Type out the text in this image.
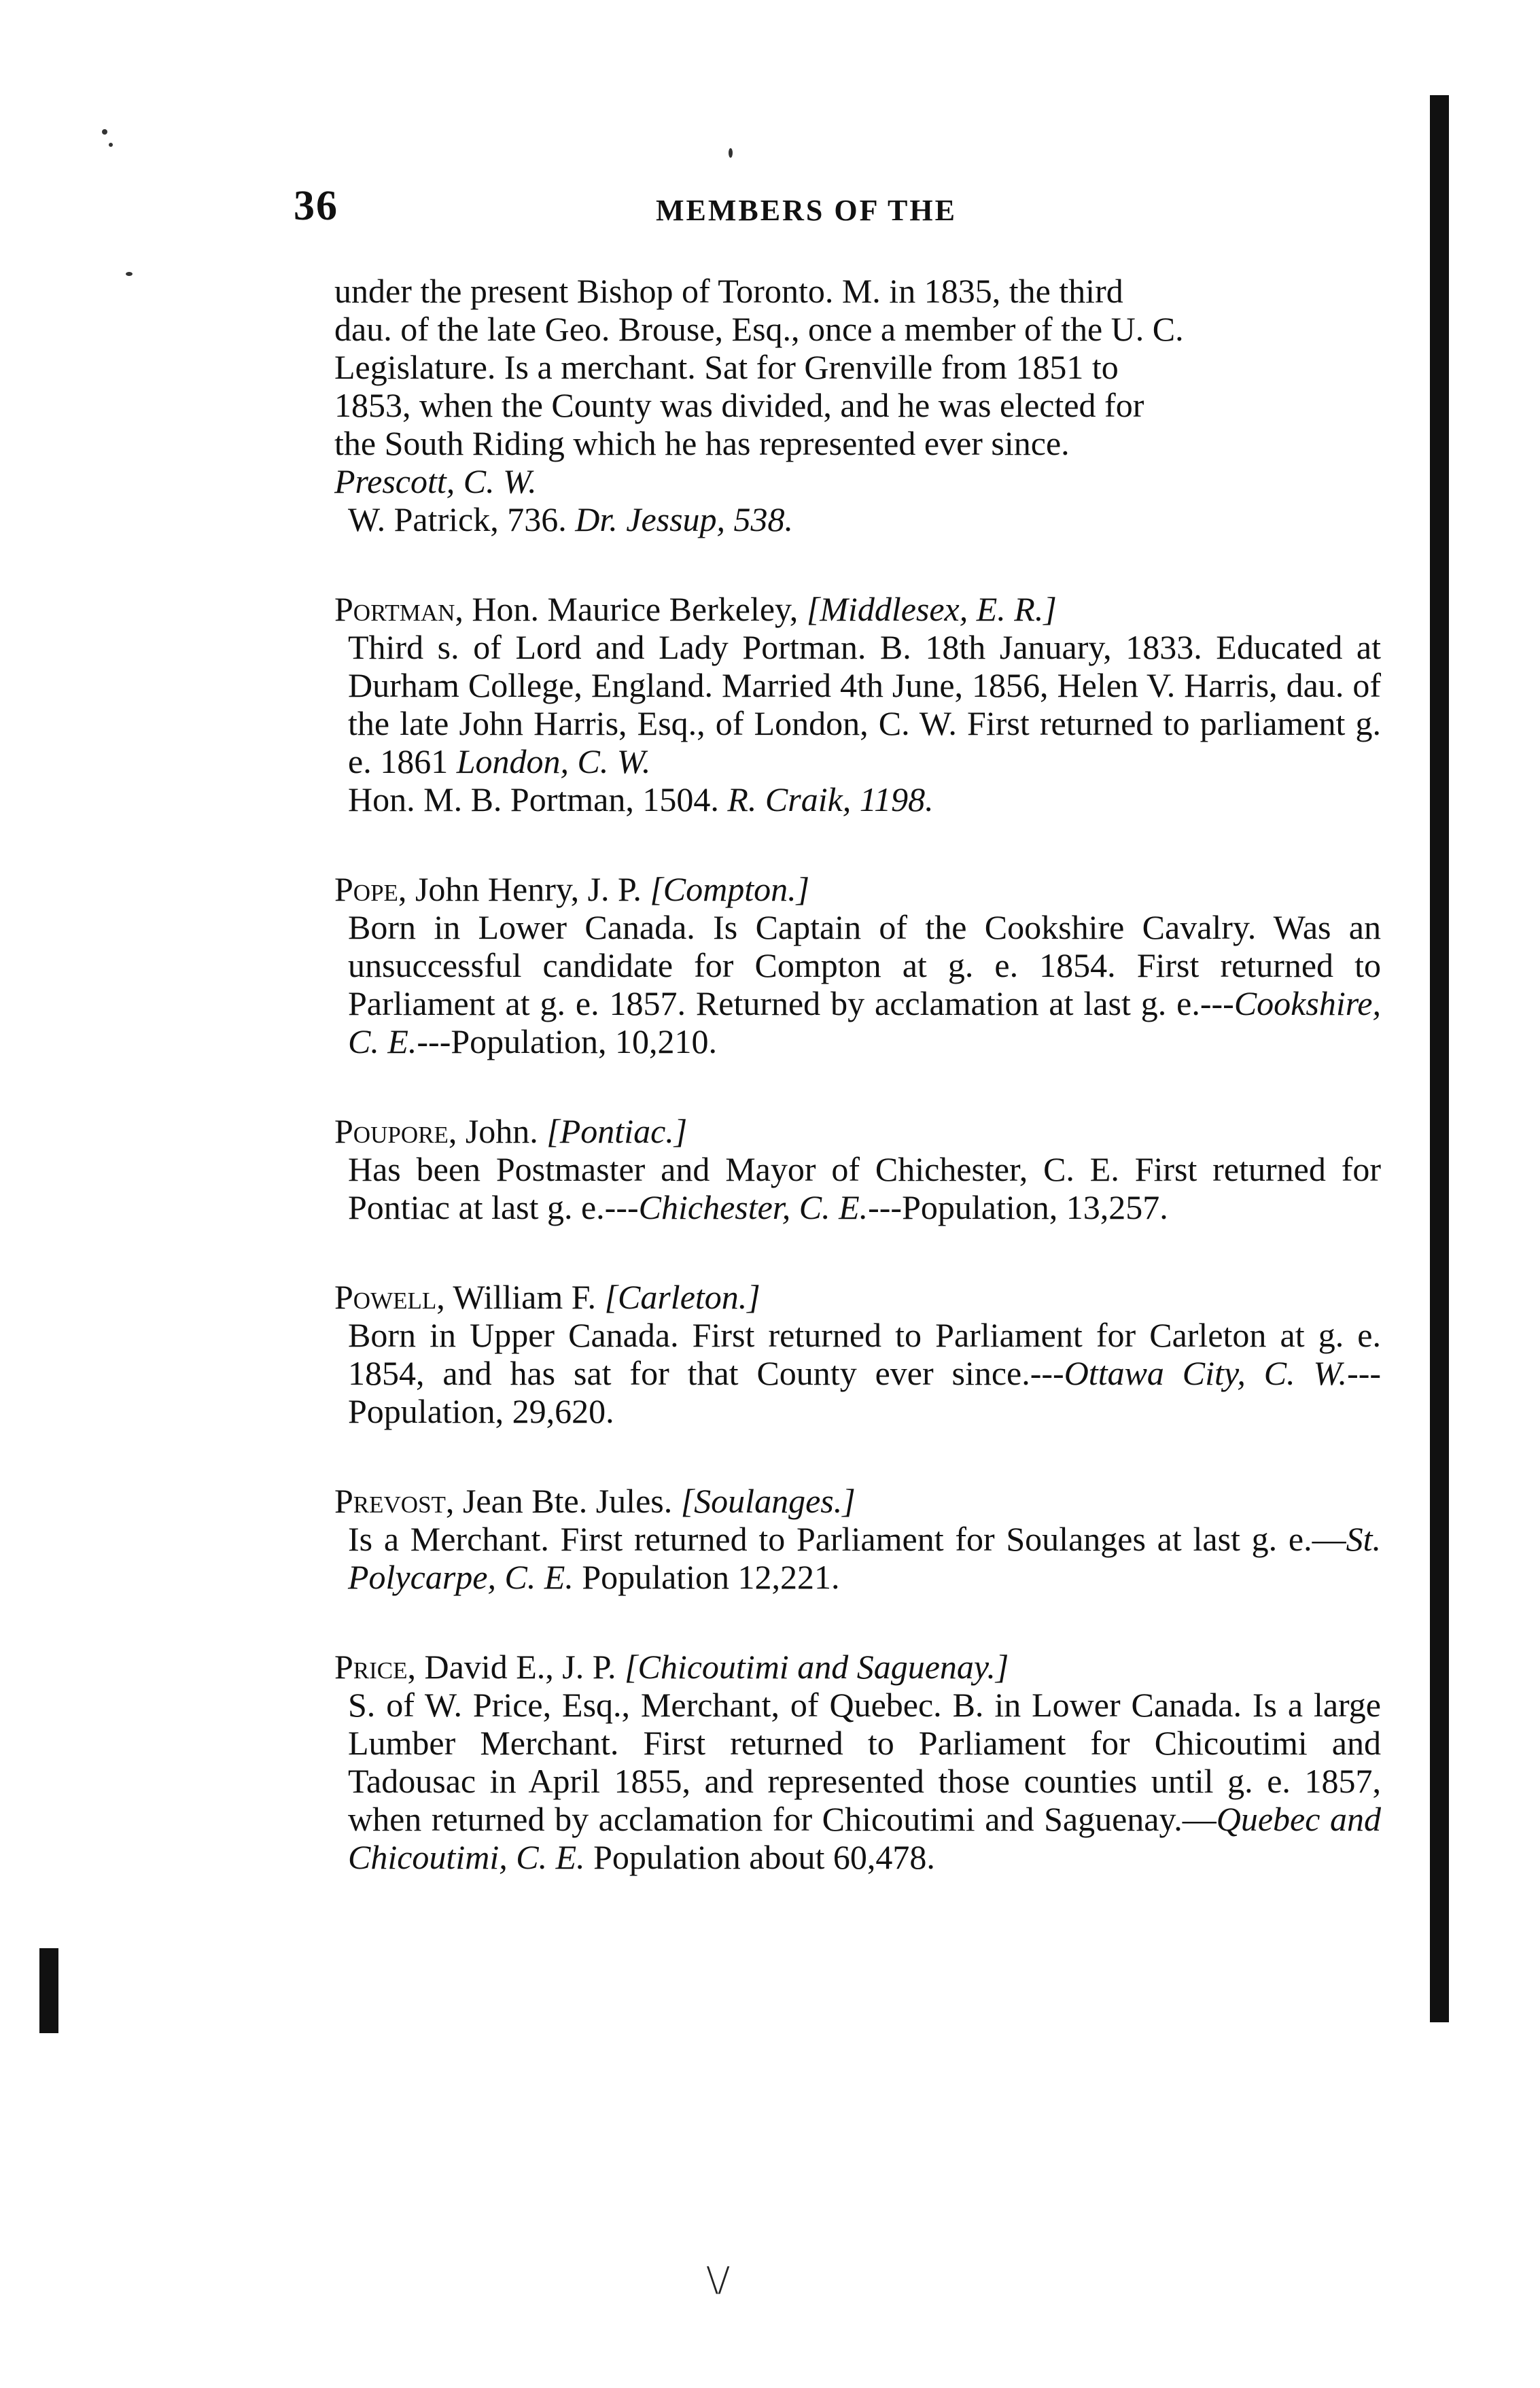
36	MEMBERS OF THE

under the present Bishop of Toronto. M. in 1835, the third

dau. of the late Geo. Brouse, Esq., once a member of the U. C.

Legislature. Is a merchant. Sat for Grenville from 1851 to

1853, when the County was divided, and he was elected for

the South Riding which he has represented ever since.

Prescott, C. W.

W. Patrick, 736. Dr. Jessup, 538.

Portman, Hon. Maurice Berkeley, [Middlesex, E. R.]

Third s. of Lord and Lady Portman. B. 18th January, 1833. Educated at Durham College, England. Married 4th June, 1856, Helen V. Harris, dau. of the late John Harris, Esq., of London, C. W. First returned to parliament g. e. 1861 London, C. W.

Hon. M. B. Portman, 1504. R. Craik, 1198.

Pope, John Henry, J. P. [Compton.]

Born in Lower Canada. Is Captain of the Cookshire Cavalry. Was an unsuccessful candidate for Compton at g. e. 1854. First returned to Parliament at g. e. 1857. Returned by acclamation at last g. e.---Cookshire, C. E.---Population, 10,210.

Poupore, John. [Pontiac.]

Has been Postmaster and Mayor of Chichester, C. E. First returned for Pontiac at last g. e.---Chichester, C. E.---Population, 13,257.

Powell, William F. [Carleton.]

Born in Upper Canada. First returned to Parliament for Carleton at g. e. 1854, and has sat for that County ever since.---Ottawa City, C. W.---Population, 29,620.

Prevost, Jean Bte. Jules. [Soulanges.]

Is a Merchant. First returned to Parliament for Soulanges at last g. e.—St. Polycarpe, C. E. Population 12,221.

Price, David E., J. P. [Chicoutimi and Saguenay.]

S. of W. Price, Esq., Merchant, of Quebec. B. in Lower Canada. Is a large Lumber Merchant. First returned to Parliament for Chicoutimi and Tadousac in April 1855, and represented those counties until g. e. 1857, when returned by acclamation for Chicoutimi and Saguenay.—Quebec and Chicoutimi, C. E. Population about 60,478.

\/
